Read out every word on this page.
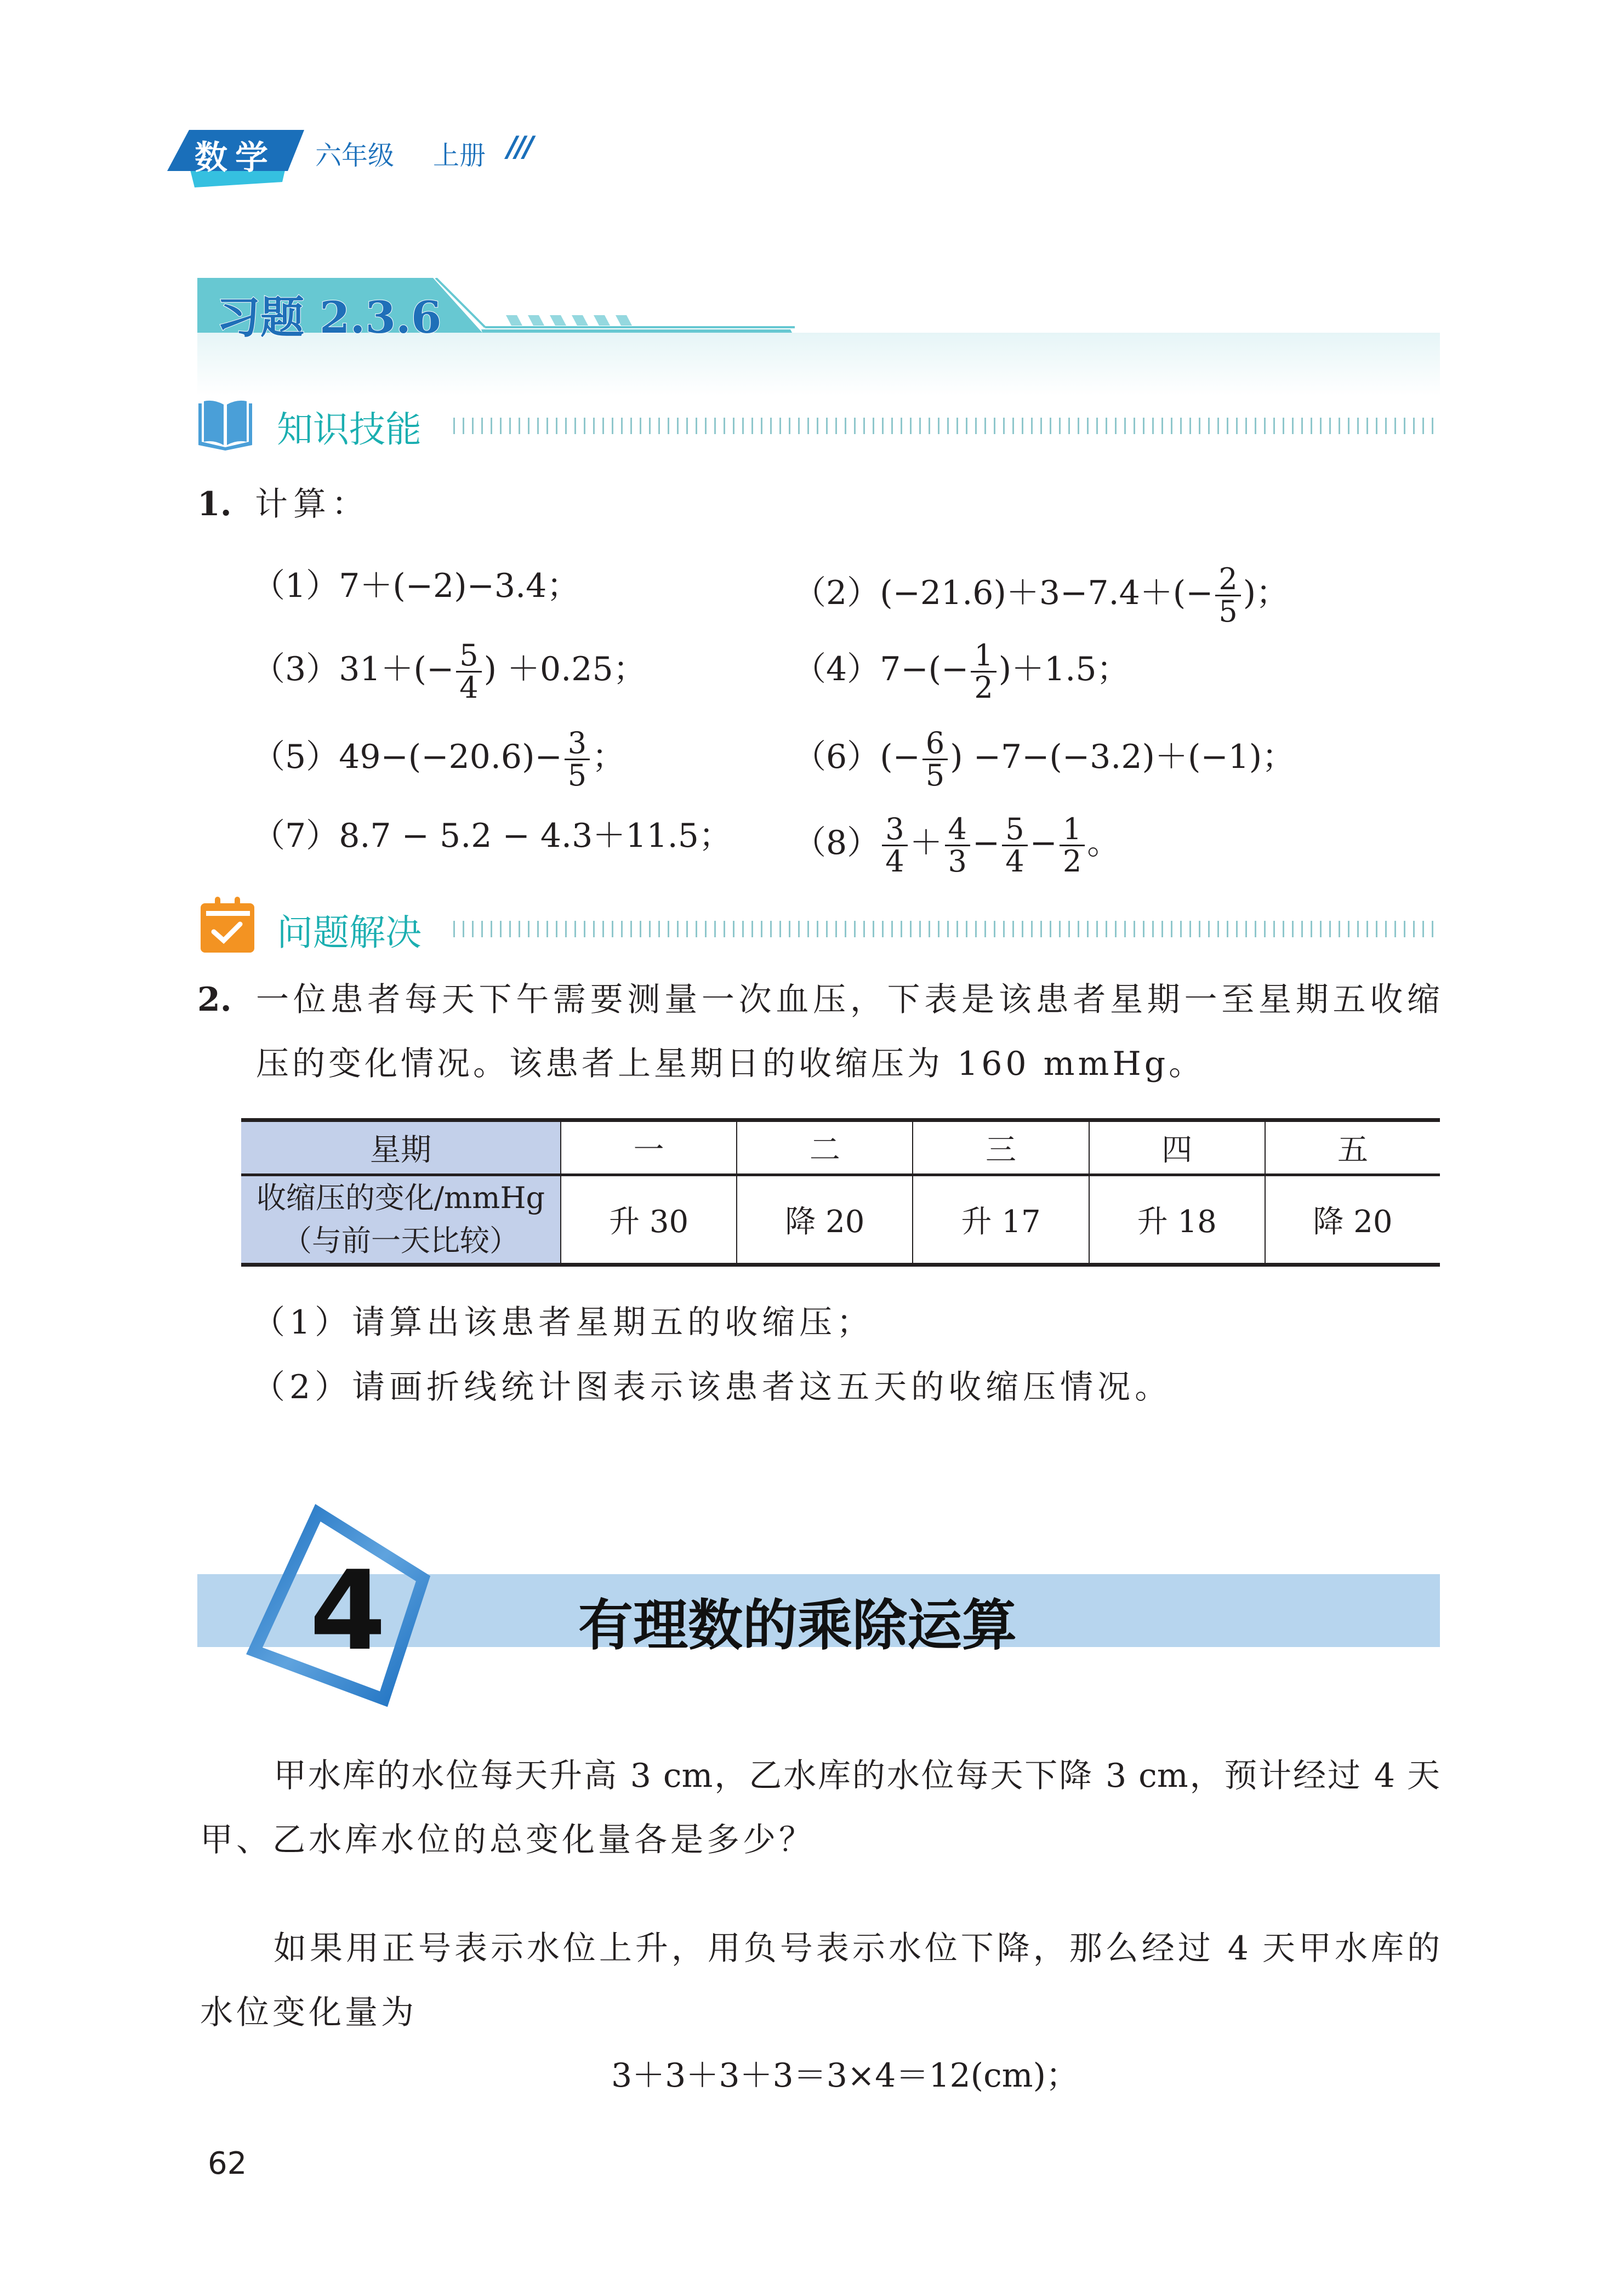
数学 六年级 上册 ///
习题 2.3.6
知识技能
1. 计算：
（1）7＋(−2)−3.4；	$(2)(-21.6)+3-7.4+(- \frac{2}{5}$ )；
$(3)31+(- \frac{5}{4}$ ) ＋0.25；	$(4)7-(- \frac{1}{2} )+1.5$；
$(5)49-(-20.6)- \frac{3}{5}$ ；	$(6)(- \frac{6}{5}$ ) −7−(−3.2)＋(−1)；
（7）8.7 − 5.2 − 4.3＋11.5； $(8) \frac{3}{4} + \frac{4}{3} - \frac{5}{4} - \frac{1}{2}$ 。
问题解决
2. 一位患者每天下午需要测量一次血压，下表是该患者星期一至星期五收缩
压的变化情况。该患者上星期日的收缩压为 160 mmHg。
星期	一	二	三	四	五

收缩压的变化/mmHg
（与前一天比较）	升 30	降 20	升 17	升 18	降 20
（1）请算出该患者星期五的收缩压；
（2）请画折线统计图表示该患者这五天的收缩压情况。
4	有理数的乘除运算
甲水库的水位每天升高 3 cm，乙水库的水位每天下降 3 cm，预计经过 4 天
甲、乙水库水位的总变化量各是多少？
如果用正号表示水位上升，用负号表示水位下降，那么经过 4 天甲水库的
水位变化量为
3＋3＋3＋3＝3×4＝12(cm)；
62
